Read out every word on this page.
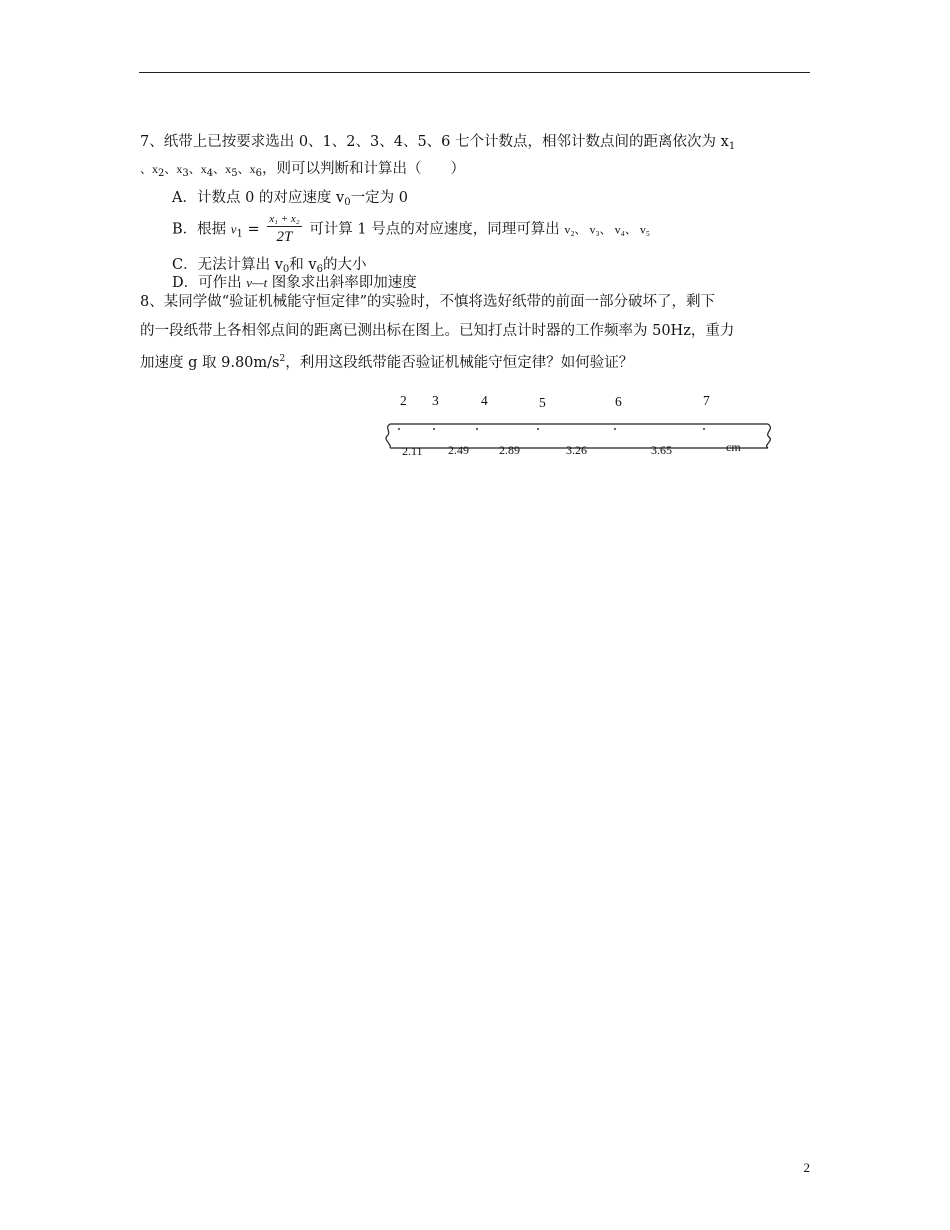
7、纸带上已按要求选出 0、1、2、3、4、5、6 七个计数点，相邻计数点间的距离依次为 $x_1$
、$x_2$、$x_3$、$x_4$、$x_5$、$x_6$，则可以判断和计算出（　　）
A．计数点 0 的对应速度 $v_0$一定为 0
B．根据 $v_1 = \frac{\text{x₁ + x₂}}{2T}$ 可计算 1 号点的对应速度，同理可算出 v₂、 v₃、 v₄、 v₅
C．无法计算出 $v_0$和 $v_6$的大小
D．可作出 v—t 图象求出斜率即加速度
8、某同学做“验证机械能守恒定律”的实验时，不慎将选好纸带的前面一部分破坏了，剩下
的一段纸带上各相邻点间的距离已测出标在图上。已知打点计时器的工作频率为 50Hz，重力
加速度 g 取 $9.80m/s^2$，利用这段纸带能否验证机械能守恒定律？如何验证？
2 3	4	5	6	7
2.11 2.49	2.89	3.26	3.65	cm
2
